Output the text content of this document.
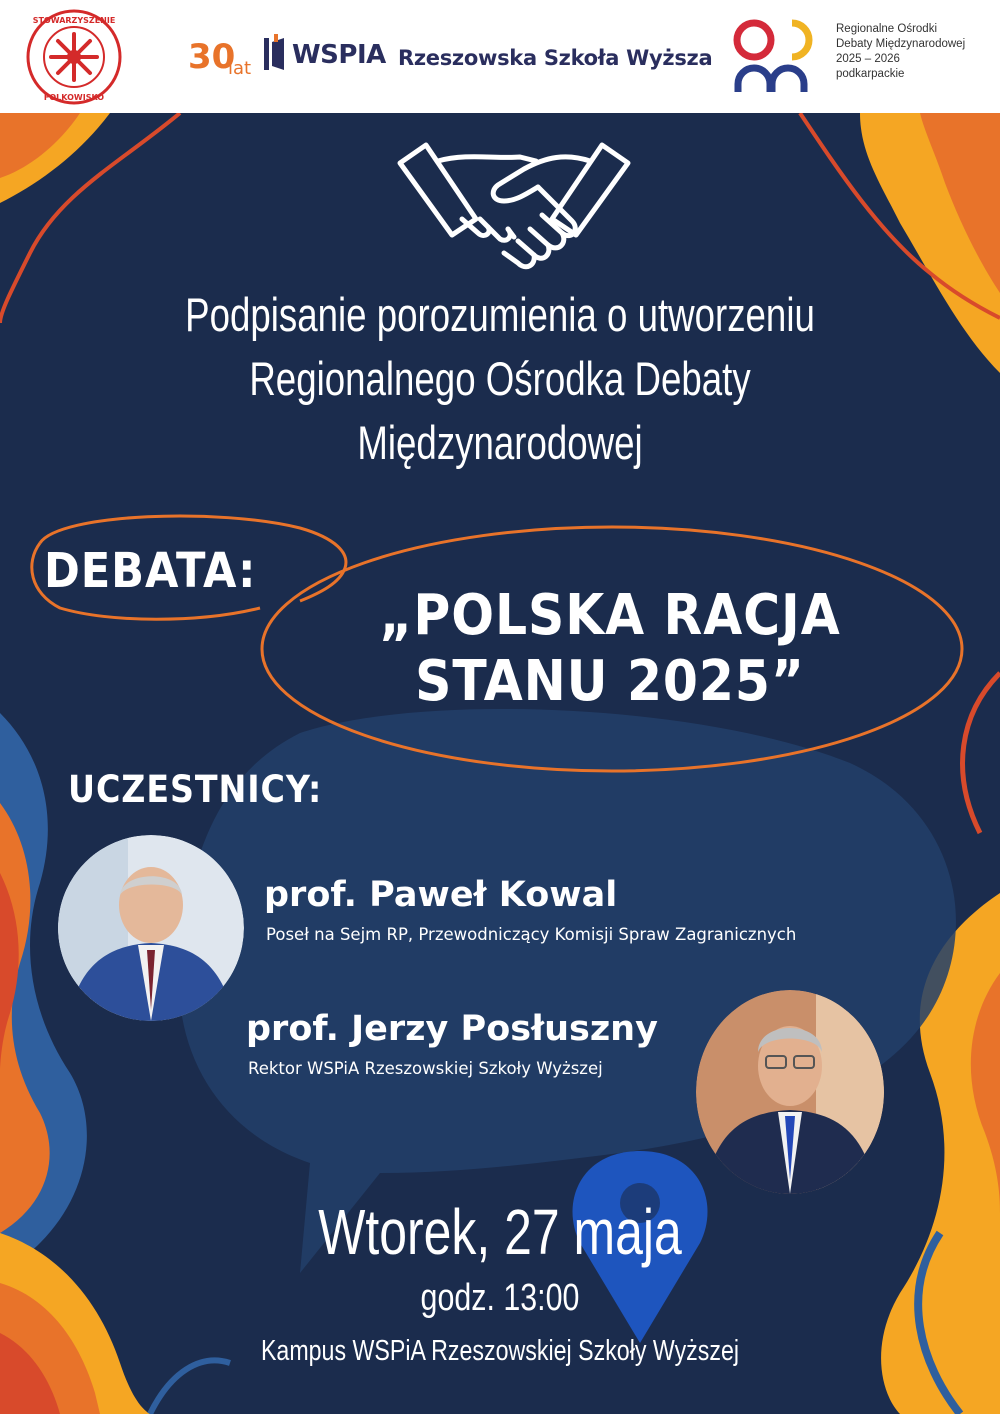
STOWARZYSZENIE
FOLKOWISKO
30
lat WSPIA Rzeszowska Szkoła Wyższa
Regionalne Ośrodki
Debaty Międzynarodowej
2025 – 2026
podkarpackie
Podpisanie porozumienia o utworzeniu
Regionalnego Ośrodka Debaty
Międzynarodowej
DEBATA:
„POLSKA RACJA
STANU 2025”
UCZESTNICY:
prof. Paweł Kowal
Poseł na Sejm RP, Przewodniczący Komisji Spraw Zagranicznych
prof. Jerzy Posłuszny
Rektor WSPiA Rzeszowskiej Szkoły Wyższej
Wtorek, 27 maja
godz. 13:00
Kampus WSPiA Rzeszowskiej Szkoły Wyższej
